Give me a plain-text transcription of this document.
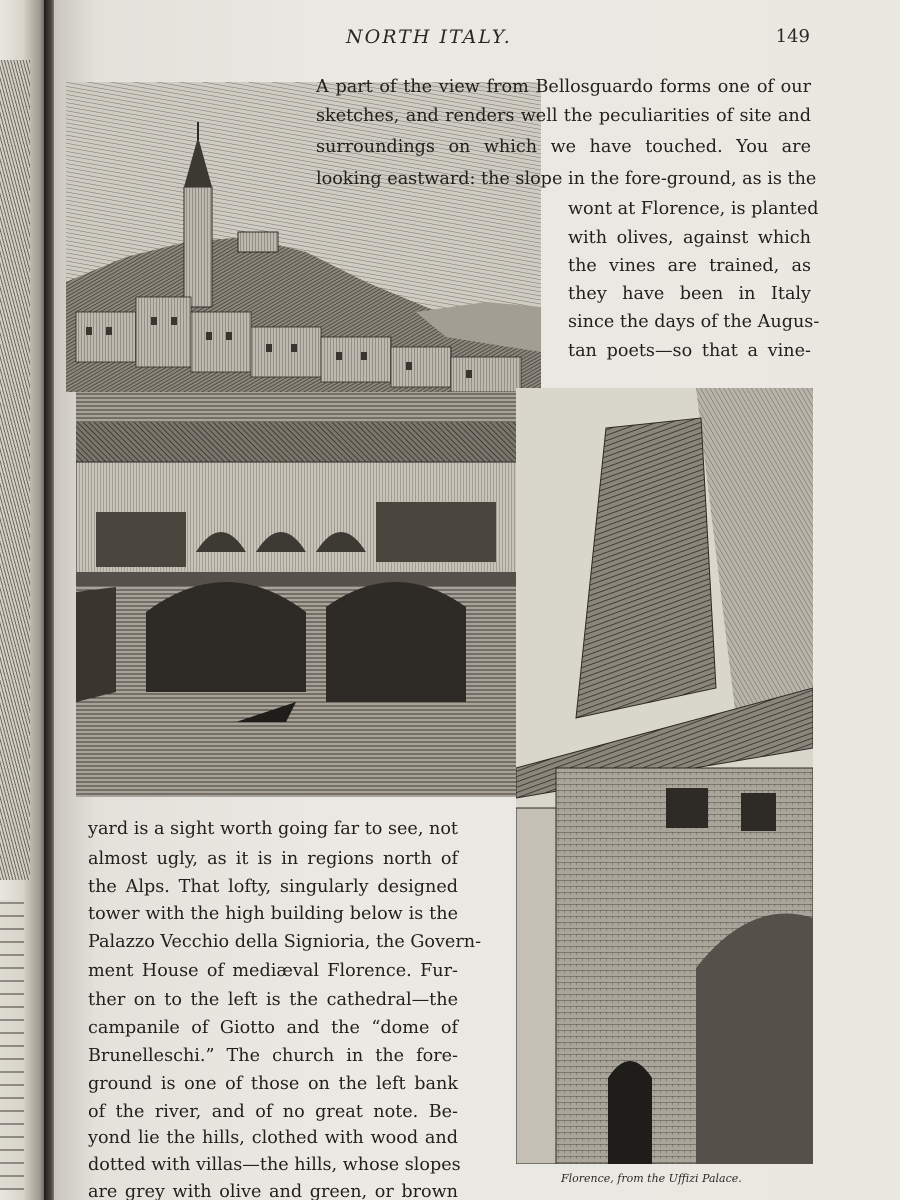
NORTH ITALY.	149
A part of the view from Bellosguardo forms one of our
sketches, and renders well the peculiarities of site and
surroundings on which we have touched. You are
looking eastward: the slope in the fore-ground, as is the
wont at Florence, is planted
with olives, against which
the vines are trained, as
they have been in Italy
since the days of the Augus-
tan poets—so that a vine-
yard is a sight worth going far to see, not
almost ugly, as it is in regions north of
the Alps. That lofty, singularly designed
tower with the high building below is the
Palazzo Vecchio della Signioria, the Govern-
ment House of mediæval Florence. Fur-
ther on to the left is the cathedral—the
campanile of Giotto and the “dome of
Brunelleschi.” The church in the fore-
ground is one of those on the left bank
of the river, and of no great note. Be-
yond lie the hills, clothed with wood and
dotted with villas—the hills, whose slopes
are grey with olive and green, or brown
Florence, from the Uffizi Palace.
